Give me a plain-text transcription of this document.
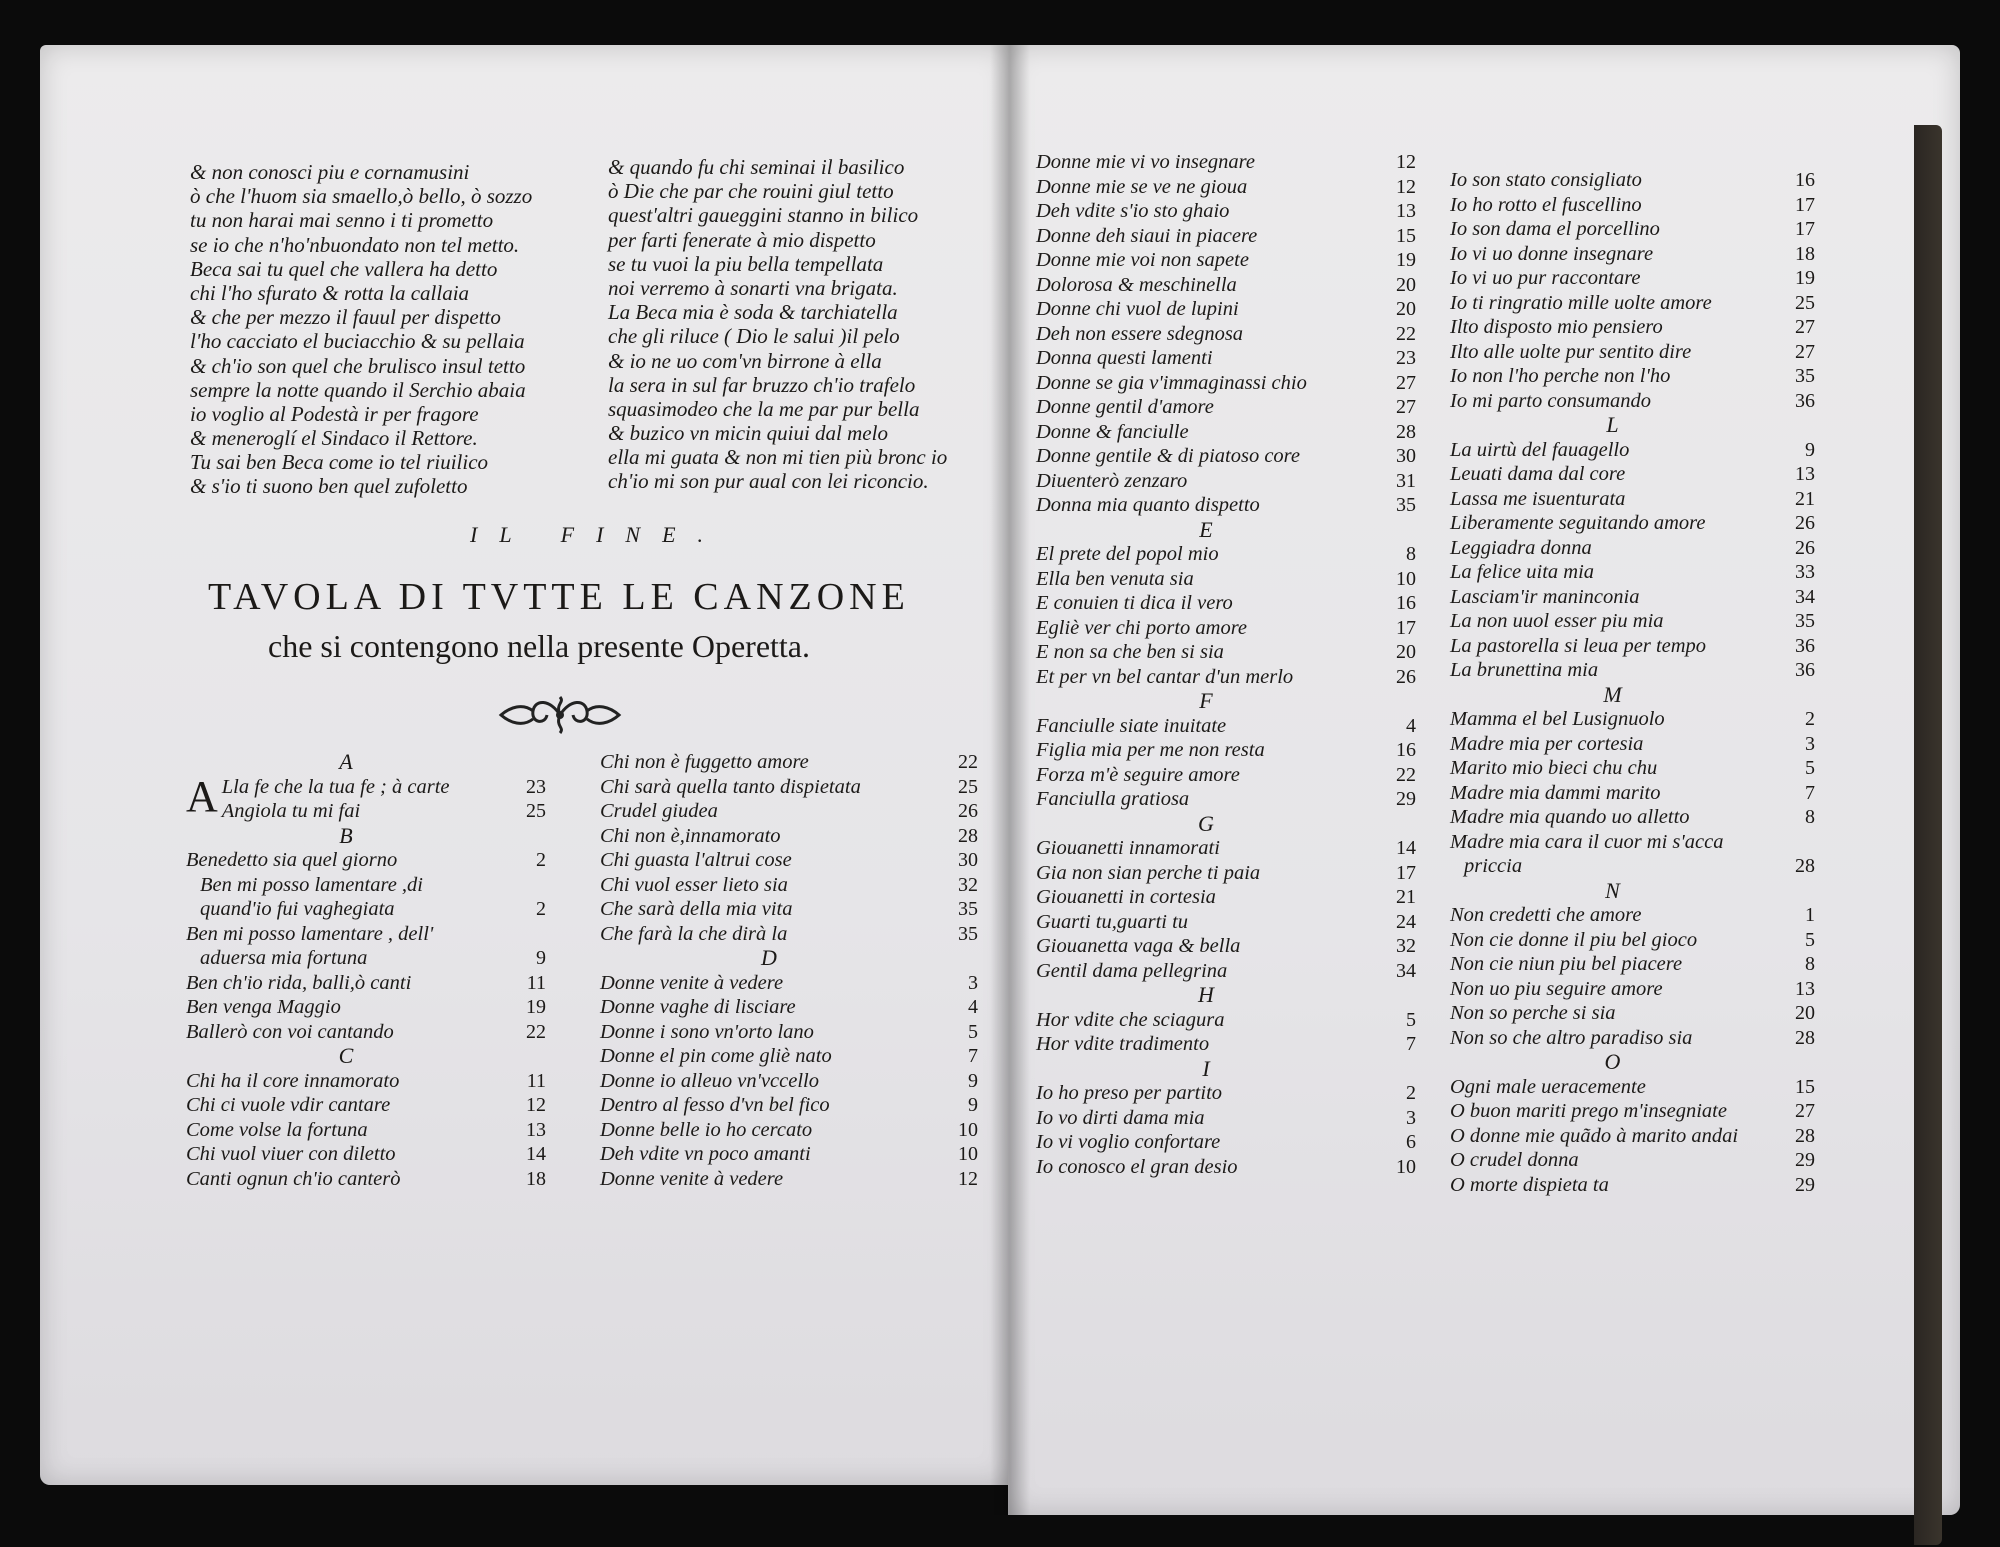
& non conosci piu e cornamusini
ò che l'huom sia smaello,ò bello, ò sozzo
tu non harai mai senno i ti prometto
se io che n'ho'nbuondato non tel metto.
Beca sai tu quel che vallera ha detto
chi l'ho sfurato & rotta la callaia
& che per mezzo il fauul per dispetto
l'ho cacciato el buciacchio & su pellaia
& ch'io son quel che brulisco insul tetto
sempre la notte quando il Serchio abaia
io voglio al Podestà ir per fragore
& meneroglí el Sindaco il Rettore.
Tu sai ben Beca come io tel riuilico
& s'io ti suono ben quel zufoletto
& quando fu chi seminai il basilico
ò Die che par che rouini giul tetto
quest'altri gaueggini stanno in bilico
per farti fenerate à mio dispetto
se tu vuoi la piu bella tempellata
noi verremo à sonarti vna brigata.
La Beca mia è soda & tarchiatella
che gli riluce ( Dio le salui )il pelo
& io ne uo com'vn birrone à ella
la sera in sul far bruzzo ch'io trafelo
squasimodeo che la me par pur bella
& buzico vn micin quiui dal melo
ella mi guata & non mi tien più bronc io
ch'io mi son pur aual con lei riconcio.
IL FINE.
TAVOLA DI TVTTE LE CANZONE
che si contengono nella presente Operetta.
A
A Lla fe che la tua fe ; à carte	23
Angiola tu mi fai	25
B
Benedetto sia quel giorno	2
Ben mi posso lamentare ,di
quand'io fui vaghegiata	2
Ben mi posso lamentare , dell'
aduersa mia fortuna	9
Ben ch'io rida, balli,ò canti	11
Ben venga Maggio	19
Ballerò con voi cantando	22
C
Chi ha il core innamorato	11
Chi ci vuole vdir cantare	12
Come volse la fortuna	13
Chi vuol viuer con diletto	14
Canti ognun ch'io canterò	18
Chi non è fuggetto amore	22
Chi sarà quella tanto dispietata	25
Crudel giudea	26
Chi non è,innamorato	28
Chi guasta l'altrui cose	30
Chi vuol esser lieto sia	32
Che sarà della mia vita	35
Che farà la che dirà la	35
D
Donne venite à vedere	3
Donne vaghe di lisciare	4
Donne i sono vn'orto lano	5
Donne el pin come gliè nato	7
Donne io alleuo vn'vccello	9
Dentro al fesso d'vn bel fico	9
Donne belle io ho cercato	10
Deh vdite vn poco amanti	10
Donne venite à vedere	12
Donne mie vi vo insegnare	12
Donne mie se ve ne gioua	12
Deh vdite s'io sto ghaio	13
Donne deh siaui in piacere	15
Donne mie voi non sapete	19
Dolorosa & meschinella	20
Donne chi vuol de lupini	20
Deh non essere sdegnosa	22
Donna questi lamenti	23
Donne se gia v'immaginassi chio	27
Donne gentil d'amore	27
Donne & fanciulle	28
Donne gentile & di piatoso core	30
Diuenterò zenzaro	31
Donna mia quanto dispetto	35
E
El prete del popol mio	8
Ella ben venuta sia	10
E conuien ti dica il vero	16
Egliè ver chi porto amore	17
E non sa che ben si sia	20
Et per vn bel cantar d'un merlo	26
F
Fanciulle siate inuitate	4
Figlia mia per me non resta	16
Forza m'è seguire amore	22
Fanciulla gratiosa	29
G
Giouanetti innamorati	14
Gia non sian perche ti paia	17
Giouanetti in cortesia	21
Guarti tu,guarti tu	24
Giouanetta vaga & bella	32
Gentil dama pellegrina	34
H
Hor vdite che sciagura	5
Hor vdite tradimento	7
I
Io ho preso per partito	2
Io vo dirti dama mia	3
Io vi voglio confortare	6
Io conosco el gran desio	10
Io son stato consigliato	16
Io ho rotto el fuscellino	17
Io son dama el porcellino	17
Io vi uo donne insegnare	18
Io vi uo pur raccontare	19
Io ti ringratio mille uolte amore	25
Ilto disposto mio pensiero	27
Ilto alle uolte pur sentito dire	27
Io non l'ho perche non l'ho	35
Io mi parto consumando	36
L
La uirtù del fauagello	9
Leuati dama dal core	13
Lassa me isuenturata	21
Liberamente seguitando amore	26
Leggiadra donna	26
La felice uita mia	33
Lasciam'ir maninconia	34
La non uuol esser piu mia	35
La pastorella si leua per tempo	36
La brunettina mia	36
M
Mamma el bel Lusignuolo	2
Madre mia per cortesia	3
Marito mio bieci chu chu	5
Madre mia dammi marito	7
Madre mia quando uo alletto	8
Madre mia cara il cuor mi s'acca
priccia	28
N
Non credetti che amore	1
Non cie donne il piu bel gioco	5
Non cie niun piu bel piacere	8
Non uo piu seguire amore	13
Non so perche si sia	20
Non so che altro paradiso sia	28
O
Ogni male ueracemente	15
O buon mariti prego m'insegniate	27
O donne mie quãdo à marito andai	28
O crudel donna	29
O morte dispieta ta	29
